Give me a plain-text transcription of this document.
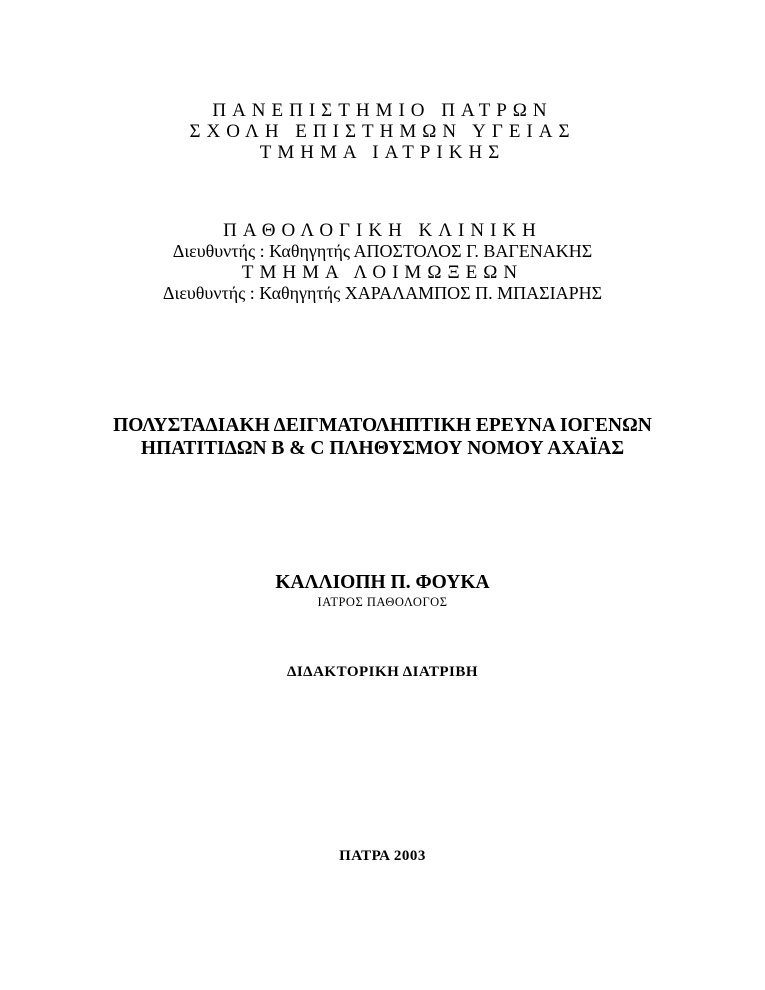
ΠΑΝΕΠΙΣΤΗΜΙΟ ΠΑΤΡΩΝ
ΣΧΟΛΗ ΕΠΙΣΤΗΜΩΝ ΥΓΕΙΑΣ
ΤΜΗΜΑ ΙΑΤΡΙΚΗΣ
ΠΑΘΟΛΟΓΙΚΗ ΚΛΙΝΙΚΗ
Διευθυντής : Καθηγητής ΑΠΟΣΤΟΛΟΣ Γ. ΒΑΓΕΝΑΚΗΣ
ΤΜΗΜΑ ΛΟΙΜΩΞΕΩΝ
Διευθυντής : Καθηγητής ΧΑΡΑΛΑΜΠΟΣ Π. ΜΠΑΣΙΑΡΗΣ
ΠΟΛΥΣΤΑΔΙΑΚΗ ΔΕΙΓΜΑΤΟΛΗΠΤΙΚΗ ΕΡΕΥΝΑ ΙΟΓΕΝΩΝ
ΗΠΑΤΙΤΙΔΩΝ Β & C ΠΛΗΘΥΣΜΟΥ ΝΟΜΟΥ ΑΧΑΪΑΣ
ΚΑΛΛΙΟΠΗ Π. ΦΟΥΚΑ
ΙΑΤΡΟΣ ΠΑΘΟΛΟΓΟΣ
ΔΙΔΑΚΤΟΡΙΚΗ ΔΙΑΤΡΙΒΗ
ΠΑΤΡΑ 2003
